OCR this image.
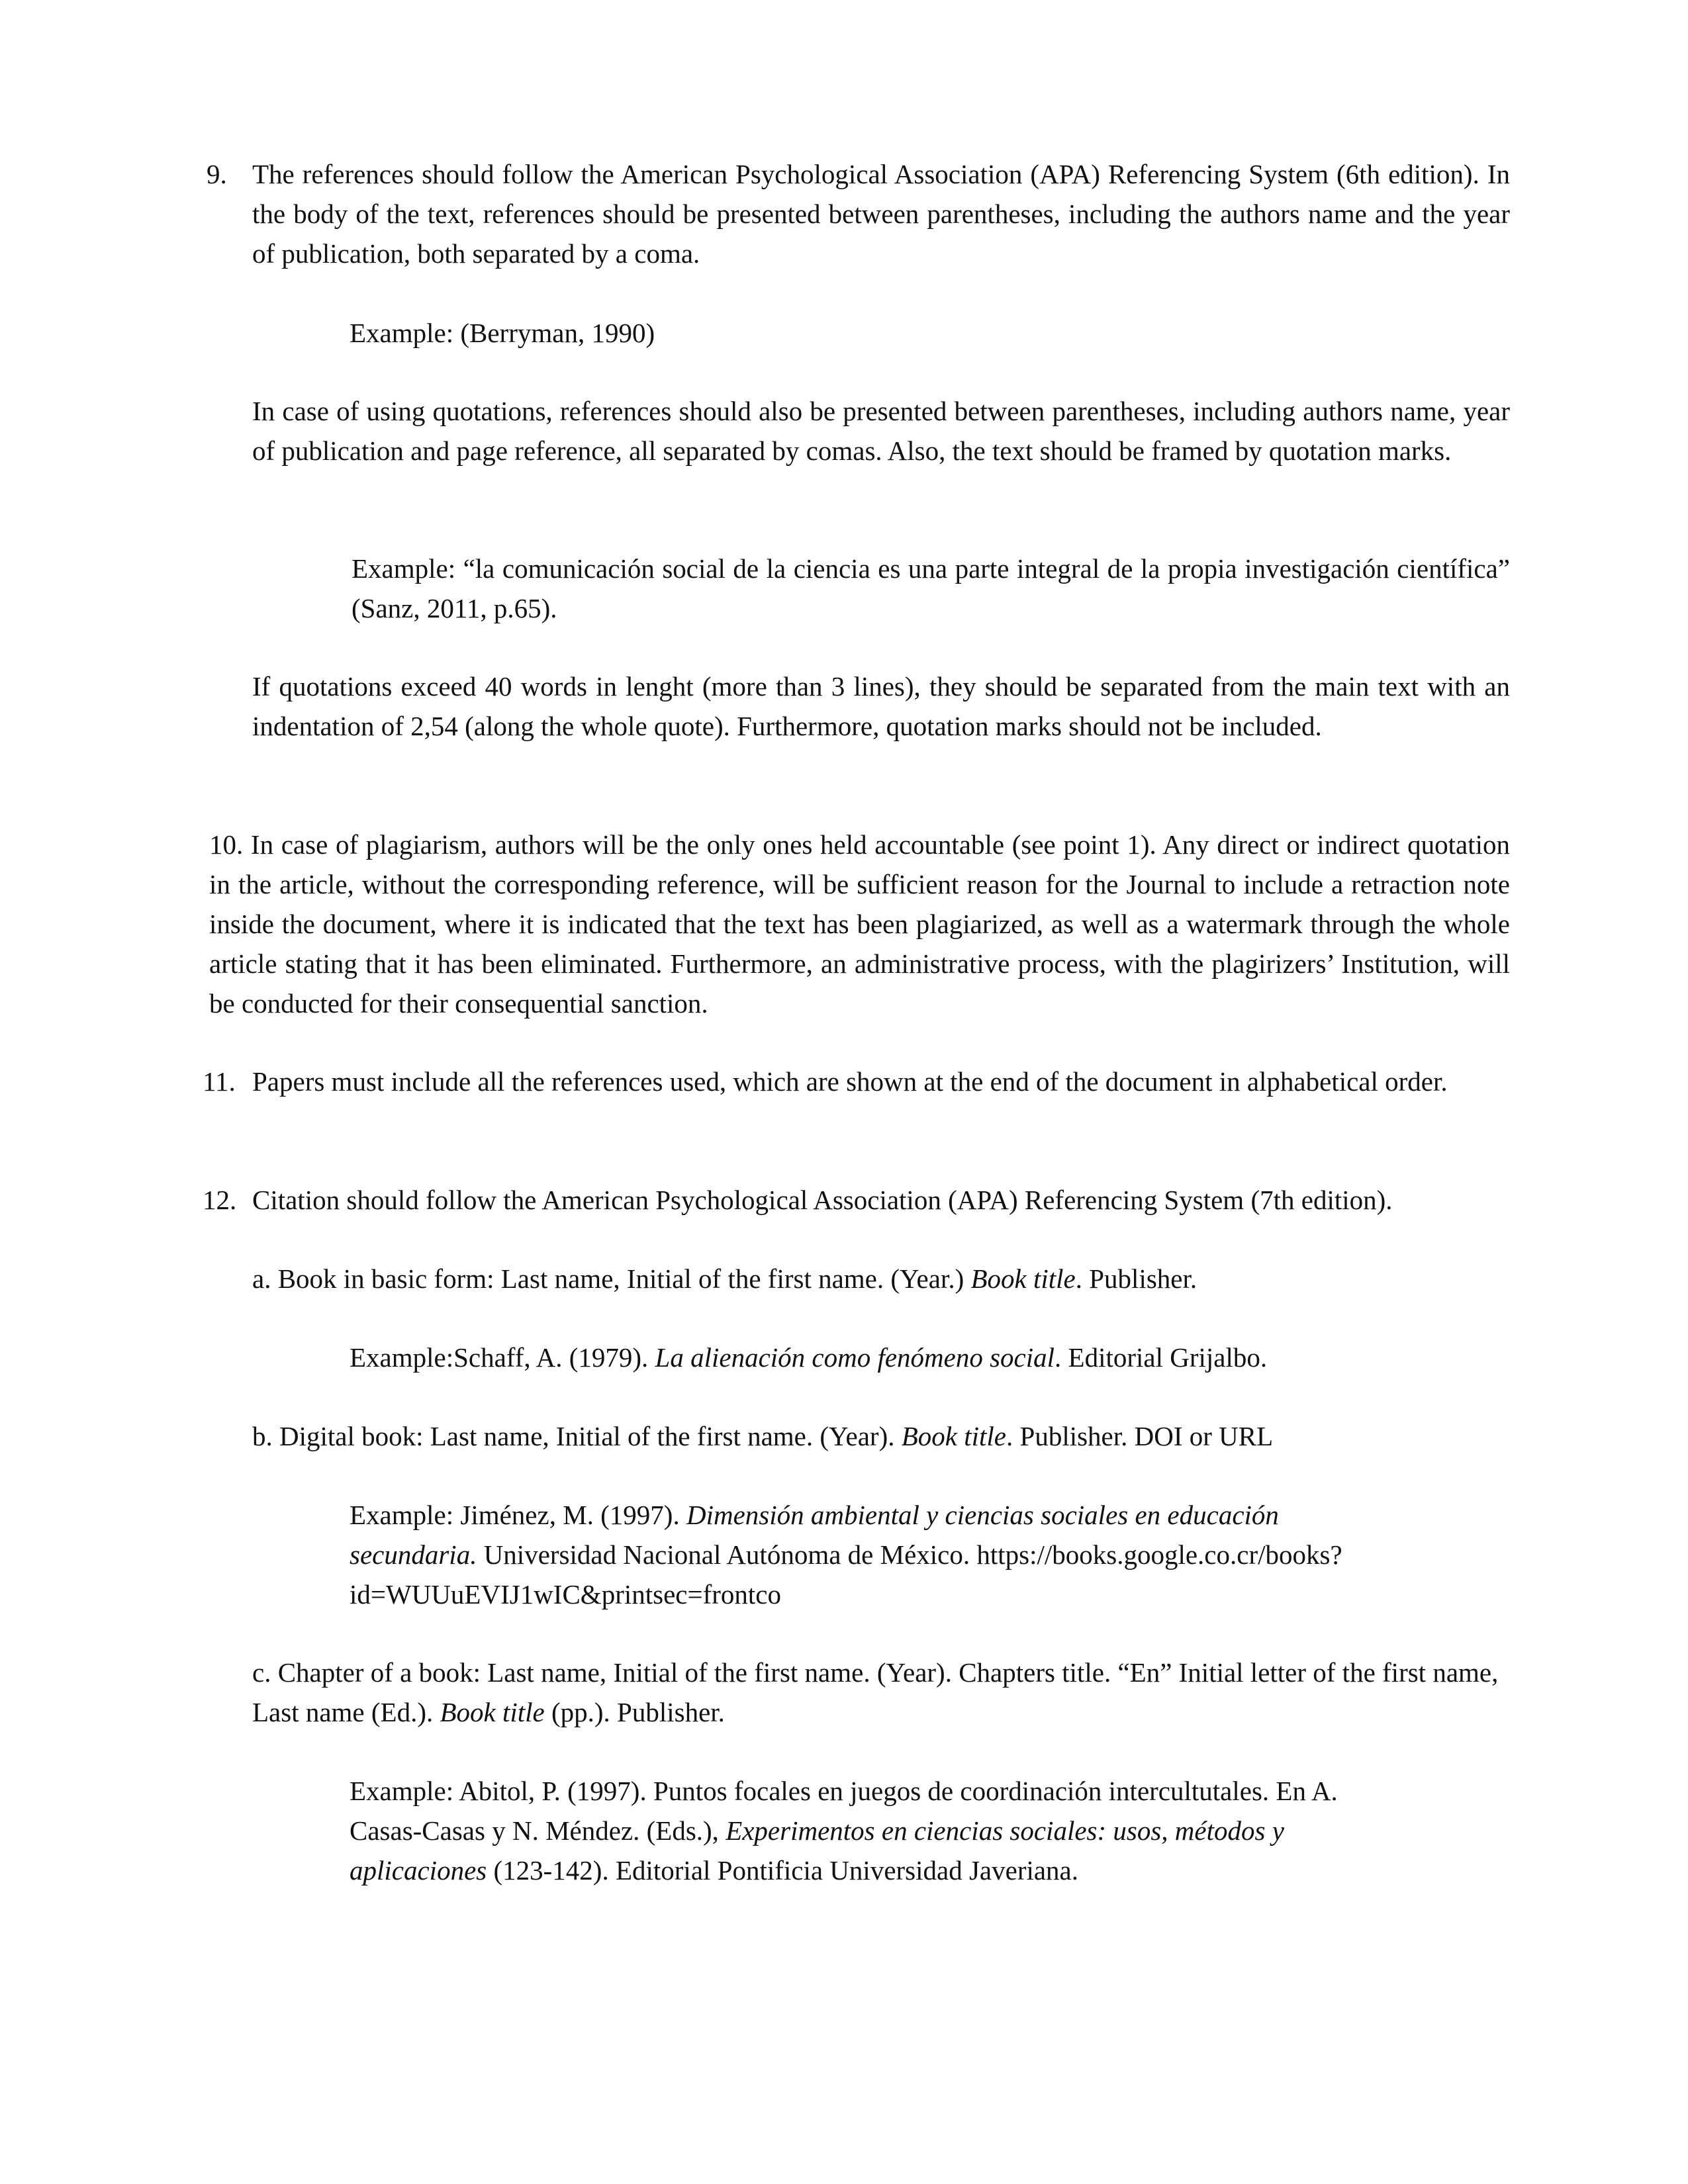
9. The references should follow the American Psychological Association (APA) Referencing System (6th edition). In the body of the text, references should be presented between parentheses, including the authors name and the year of publication, both separated by a coma.

Example: (Berryman, 1990)

In case of using quotations, references should also be presented between parentheses, including authors name, year of publication and page reference, all separated by comas. Also, the text should be framed by quotation marks.

Example: “la comunicación social de la ciencia es una parte integral de la propia investigación científica” (Sanz, 2011, p.65).

If quotations exceed 40 words in lenght (more than 3 lines), they should be separated from the main text with an indentation of 2,54 (along the whole quote). Furthermore, quotation marks should not be included.

10. In case of plagiarism, authors will be the only ones held accountable (see point 1). Any direct or indirect quotation in the article, without the corresponding reference, will be sufficient reason for the Journal to include a retraction note inside the document, where it is indicated that the text has been plagiarized, as well as a watermark through the whole article stating that it has been eliminated. Furthermore, an administrative process, with the plagirizers’ Institution, will be conducted for their consequential sanction.

11. Papers must include all the references used, which are shown at the end of the document in alphabetical order.

12. Citation should follow the American Psychological Association (APA) Referencing System (7th edition).

a. Book in basic form: Last name, Initial of the first name. (Year.) Book title. Publisher.

Example:Schaff, A. (1979). La alienación como fenómeno social. Editorial Grijalbo.

b. Digital book: Last name, Initial of the first name. (Year). Book title. Publisher. DOI or URL

Example: Jiménez, M. (1997). Dimensión ambiental y ciencias sociales en educación

secundaria. Universidad Nacional Autónoma de México. https://books.google.co.cr/books?

id=WUUuEVIJ1wIC&printsec=frontco

c. Chapter of a book: Last name, Initial of the first name. (Year). Chapters title. “En” Initial letter of the first name, Last name (Ed.). Book title (pp.). Publisher.

Example: Abitol, P. (1997). Puntos focales en juegos de coordinación intercultutales. En A.

Casas-Casas y N. Méndez. (Eds.), Experimentos en ciencias sociales: usos, métodos y

aplicaciones (123-142). Editorial Pontificia Universidad Javeriana.
